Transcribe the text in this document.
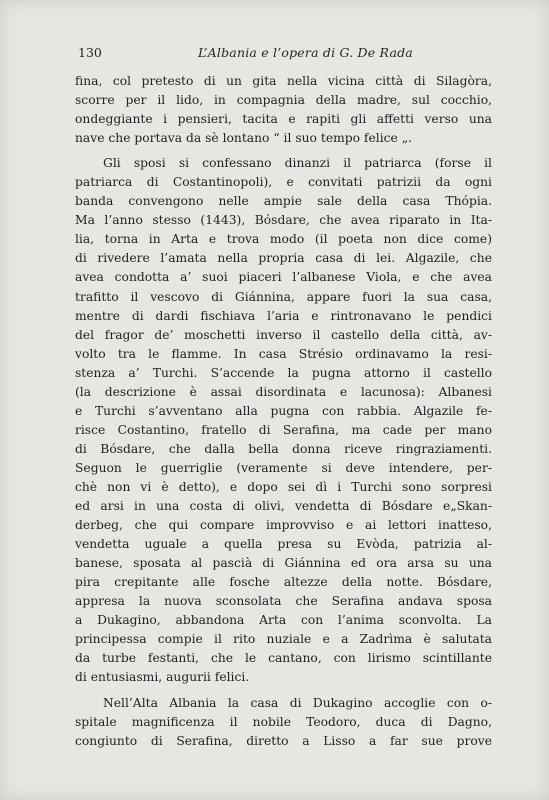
130	L’Albania e l’opera di G. De Rada
fina, col pretesto di un gita nella vicina città di Silagòra,
scorre per il lido, in compagnia della madre, sul cocchio,
ondeggiante i pensieri, tacita e rapiti gli affetti verso una
nave che portava da sè lontano “ il suo tempo felice „.
Gli sposi si confessano dinanzi il patriarca (forse il
patriarca di Costantinopoli), e convitati patrizii da ogni
banda convengono nelle ampie sale della casa Thópia.
Ma l’anno stesso (1443), Bósdare, che avea riparato in Ita-
lia, torna in Arta e trova modo (il poeta non dice come)
di rivedere l’amata nella propria casa di lei. Algazile, che
avea condotta a’ suoi piaceri l’albanese Viola, e che avea
trafitto il vescovo di Giánnina, appare fuori la sua casa,
mentre di dardi fischiava l’aria e rintronavano le pendici
del fragor de’ moschetti inverso il castello della città, av-
volto tra le flamme. In casa Strésio ordinavamo la resi-
stenza a’ Turchi. S’accende la pugna attorno il castello
(la descrizione è assai disordinata e lacunosa): Albanesi
e Turchi s’avventano alla pugna con rabbia. Algazile fe-
risce Costantino, fratello di Serafina, ma cade per mano
di Bósdare, che dalla bella donna riceve ringraziamenti.
Seguon le guerriglie (veramente si deve intendere, per-
chè non vi è detto), e dopo sei dì i Turchi sono sorpresi
ed arsi in una costa di olivi, vendetta di Bósdare e„Skan-
derbeg, che qui compare improvviso e ai lettori inatteso,
vendetta uguale a quella presa su Evòda, patrizia al-
banese, sposata al pascià di Giánnina ed ora arsa su una
pira crepitante alle fosche altezze della notte. Bósdare,
appresa la nuova sconsolata che Serafina andava sposa
a Dukagino, abbandona Arta con l’anima sconvolta. La
principessa compie il rito nuziale e a Zadrìma è salutata
da turbe festanti, che le cantano, con lirismo scintillante
di entusiasmi, augurii felici.
Nell’Alta Albania la casa di Dukagino accoglie con o-
spitale magnificenza il nobile Teodoro, duca di Dagno,
congiunto di Serafina, diretto a Lisso a far sue prove
